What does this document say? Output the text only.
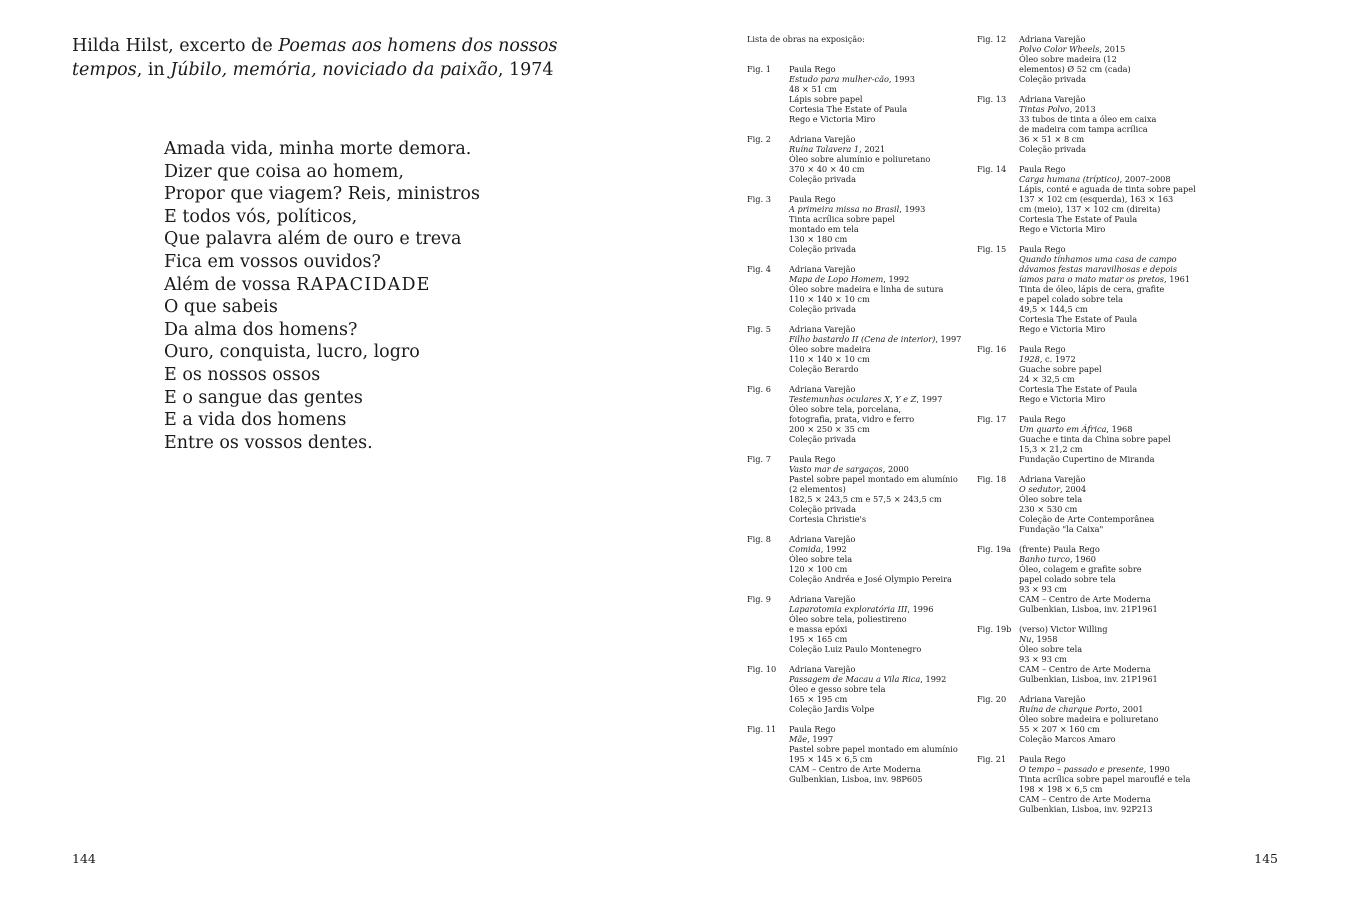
Hilda Hilst, excerto de Poemas aos homens dos nossos tempos, in Júbilo, memória, noviciado da paixão, 1974
Amada vida, minha morte demora.
Dizer que coisa ao homem,
Propor que viagem? Reis, ministros
E todos vós, políticos,
Que palavra além de ouro e treva
Fica em vossos ouvidos?
Além de vossa RAPACIDADE
O que sabeis
Da alma dos homens?
Ouro, conquista, lucro, logro
E os nossos ossos
E o sangue das gentes
E a vida dos homens
Entre os vossos dentes.
144
Lista de obras na exposição:
Fig. 1	Paula Rego
Estudo para mulher-cão, 1993
48 × 51 cm
Lápis sobre papel
Cortesia The Estate of Paula
Rego e Victoria Miro
Fig. 2	Adriana Varejão
Ruína Talavera 1, 2021
Óleo sobre alumínio e poliuretano
370 × 40 × 40 cm
Coleção privada
Fig. 3	Paula Rego
A primeira missa no Brasil, 1993
Tinta acrílica sobre papel
montado em tela
130 × 180 cm
Coleção privada
Fig. 4	Adriana Varejão
Mapa de Lopo Homem, 1992
Óleo sobre madeira e linha de sutura
110 × 140 × 10 cm
Coleção privada
Fig. 5	Adriana Varejão
Filho bastardo II (Cena de interior), 1997
Óleo sobre madeira
110 × 140 × 10 cm
Coleção Berardo
Fig. 6	Adriana Varejão
Testemunhas oculares X, Y e Z, 1997
Óleo sobre tela, porcelana,
fotografia, prata, vidro e ferro
200 × 250 × 35 cm
Coleção privada
Fig. 7	Paula Rego
Vasto mar de sargaços, 2000
Pastel sobre papel montado em alumínio
(2 elementos)
182,5 × 243,5 cm e 57,5 × 243,5 cm
Coleção privada
Cortesia Christie's
Fig. 8	Adriana Varejão
Comida, 1992
Óleo sobre tela
120 × 100 cm
Coleção Andréa e José Olympio Pereira
Fig. 9	Adriana Varejão
Laparotomia exploratória III, 1996
Óleo sobre tela, poliestireno
e massa epóxi
195 × 165 cm
Coleção Luiz Paulo Montenegro
Fig. 10	Adriana Varejão
Passagem de Macau a Vila Rica, 1992
Óleo e gesso sobre tela
165 × 195 cm
Coleção Jardis Volpe
Fig. 11	Paula Rego
Mãe, 1997
Pastel sobre papel montado em alumínio
195 × 145 × 6,5 cm
CAM – Centro de Arte Moderna
Gulbenkian, Lisboa, inv. 98P605
Fig. 12	Adriana Varejão
Polvo Color Wheels, 2015
Óleo sobre madeira (12
elementos) Ø 52 cm (cada)
Coleção privada
Fig. 13	Adriana Varejão
Tintas Polvo, 2013
33 tubos de tinta a óleo em caixa
de madeira com tampa acrílica
36 × 51 × 8 cm
Coleção privada
Fig. 14	Paula Rego
Carga humana (tríptico), 2007–2008
Lápis, conté e aguada de tinta sobre papel
137 × 102 cm (esquerda), 163 × 163
cm (meio), 137 × 102 cm (direita)
Cortesia The Estate of Paula
Rego e Victoria Miro
Fig. 15	Paula Rego
Quando tínhamos uma casa de campo
dávamos festas maravilhosas e depois
íamos para o mato matar os pretos, 1961
Tinta de óleo, lápis de cera, grafite
e papel colado sobre tela
49,5 × 144,5 cm
Cortesia The Estate of Paula
Rego e Victoria Miro
Fig. 16	Paula Rego
1928, c. 1972
Guache sobre papel
24 × 32,5 cm
Cortesia The Estate of Paula
Rego e Victoria Miro
Fig. 17	Paula Rego
Um quarto em África, 1968
Guache e tinta da China sobre papel
15,3 × 21,2 cm
Fundação Cupertino de Miranda
Fig. 18	Adriana Varejão
O sedutor, 2004
Óleo sobre tela
230 × 530 cm
Coleção de Arte Contemporânea
Fundação "la Caixa"
Fig. 19a (frente) Paula Rego
Banho turco, 1960
Óleo, colagem e grafite sobre
papel colado sobre tela
93 × 93 cm
CAM – Centro de Arte Moderna
Gulbenkian, Lisboa, inv. 21P1961
Fig. 19b (verso) Victor Willing
Nu, 1958
Óleo sobre tela
93 × 93 cm
CAM – Centro de Arte Moderna
Gulbenkian, Lisboa, inv. 21P1961
Fig. 20	Adriana Varejão
Ruína de charque Porto, 2001
Óleo sobre madeira e poliuretano
55 × 207 × 160 cm
Coleção Marcos Amaro
Fig. 21	Paula Rego
O tempo – passado e presente, 1990
Tinta acrílica sobre papel marouflé e tela
198 × 198 × 6,5 cm
CAM – Centro de Arte Moderna
Gulbenkian, Lisboa, inv. 92P213
145
